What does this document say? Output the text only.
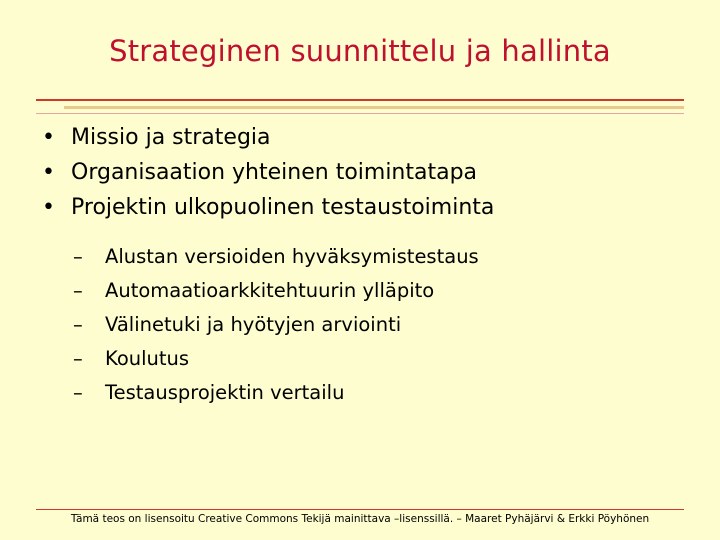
Strateginen suunnittelu ja hallinta
• Missio ja strategia
• Organisaation yhteinen toimintatapa
• Projektin ulkopuolinen testaustoiminta
– Alustan versioiden hyväksymistestaus
– Automaatioarkkitehtuurin ylläpito
– Välinetuki ja hyötyjen arviointi
– Koulutus
– Testausprojektin vertailu
Tämä teos on lisensoitu Creative Commons Tekijä mainittava –lisenssillä. – Maaret Pyhäjärvi & Erkki Pöyhönen
